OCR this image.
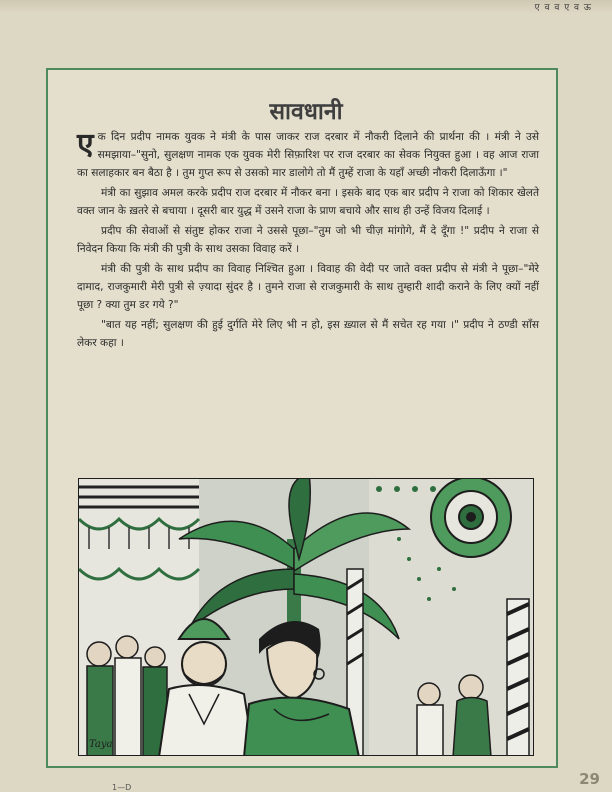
ए व व ए व ऊ
सावधानी

एक दिन प्रदीप नामक युवक ने मंत्री के पास जाकर राज दरबार में नौकरी दिलाने की प्रार्थना की । मंत्री ने उसे समझाया–"सुनो, सुलक्षण नामक एक युवक मेरी सिफ़ारिश पर राज दरबार का सेवक नियुक्त हुआ । वह आज राजा का सलाहकार बन बैठा है । तुम गुप्त रूप से उसको मार डालोगे तो मैं तुम्हें राजा के यहाँ अच्छी नौकरी दिलाऊँगा ।"

मंत्री का सुझाव अमल करके प्रदीप राज दरबार में नौकर बना । इसके बाद एक बार प्रदीप ने राजा को शिकार खेलते वक्त जान के ख़तरे से बचाया । दूसरी बार युद्ध में उसने राजा के प्राण बचाये और साथ ही उन्हें विजय दिलाई ।

प्रदीप की सेवाओं से संतुष्ट होकर राजा ने उससे पूछा–"तुम जो भी चीज़ मांगोगे, मैं दे दूँगा !" प्रदीप ने राजा से निवेदन किया कि मंत्री की पुत्री के साथ उसका विवाह करें ।

मंत्री की पुत्री के साथ प्रदीप का विवाह निश्चित हुआ । विवाह की वेदी पर जाते वक्त प्रदीप से मंत्री ने पूछा–"मेरे दामाद, राजकुमारी मेरी पुत्री से ज़्यादा सुंदर है । तुमने राजा से राजकुमारी के साथ तुम्हारी शादी कराने के लिए क्यों नहीं पूछा ? क्या तुम डर गये ?"

"बात यह नहीं; सुलक्षण की हुई दुर्गति मेरे लिए भी न हो, इस ख़्याल से मैं सचेत रह गया ।" प्रदीप ने ठण्डी साँस लेकर कहा ।

Taya
29
1—D
